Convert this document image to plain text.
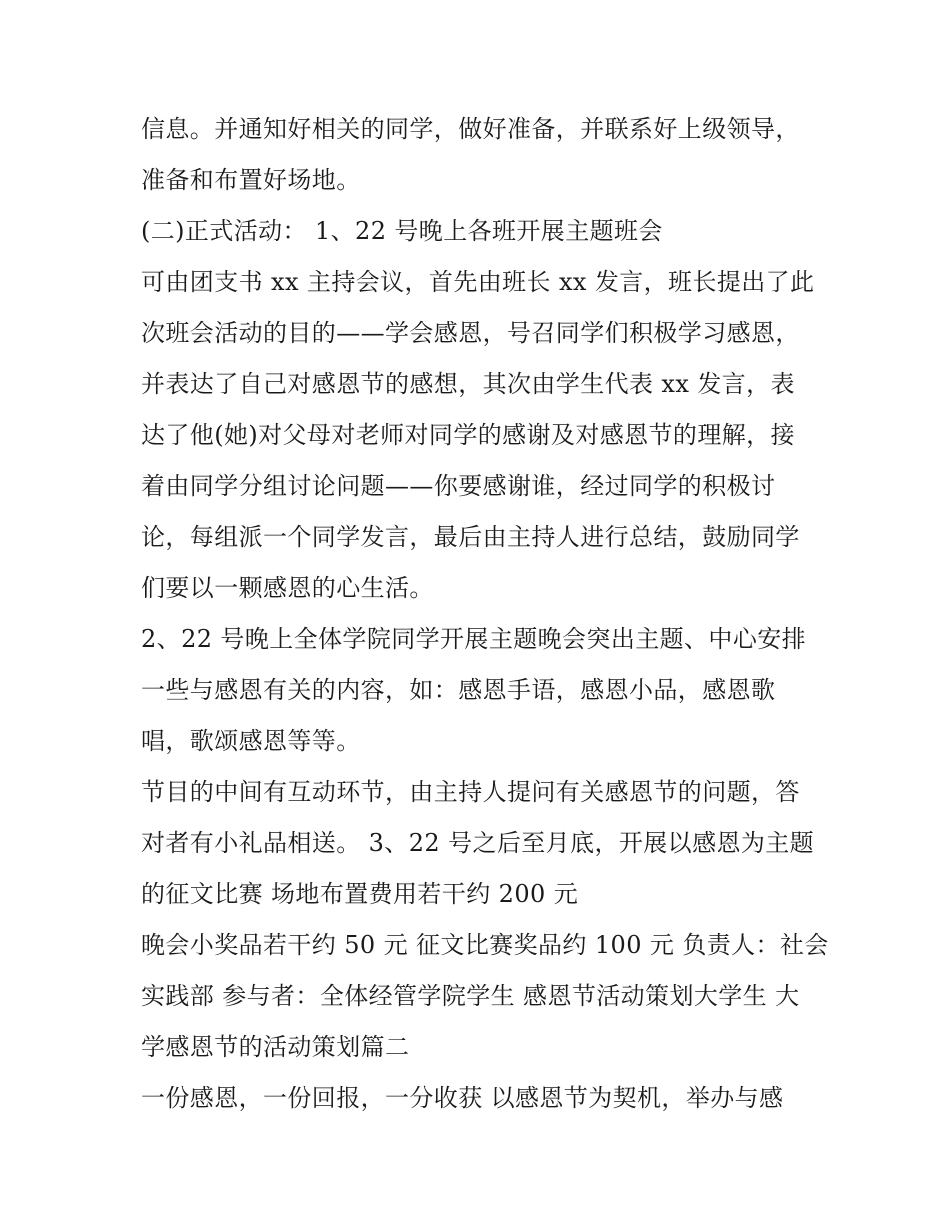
信息。并通知好相关的同学，做好准备，并联系好上级领导，
准备和布置好场地。
(二)正式活动： 1、22 号晚上各班开展主题班会
可由团支书 xx 主持会议，首先由班长 xx 发言，班长提出了此
次班会活动的目的——学会感恩，号召同学们积极学习感恩，
并表达了自己对感恩节的感想，其次由学生代表 xx 发言，表
达了他(她)对父母对老师对同学的感谢及对感恩节的理解，接
着由同学分组讨论问题——你要感谢谁，经过同学的积极讨
论，每组派一个同学发言，最后由主持人进行总结，鼓励同学
们要以一颗感恩的心生活。
2、22 号晚上全体学院同学开展主题晚会突出主题、中心安排
一些与感恩有关的内容，如：感恩手语，感恩小品，感恩歌
唱，歌颂感恩等等。
节目的中间有互动环节，由主持人提问有关感恩节的问题，答
对者有小礼品相送。 3、22 号之后至月底，开展以感恩为主题
的征文比赛 场地布置费用若干约 200 元
晚会小奖品若干约 50 元 征文比赛奖品约 100 元 负责人：社会
实践部 参与者：全体经管学院学生 感恩节活动策划大学生 大
学感恩节的活动策划篇二
一份感恩，一份回报，一分收获 以感恩节为契机，举办与感
